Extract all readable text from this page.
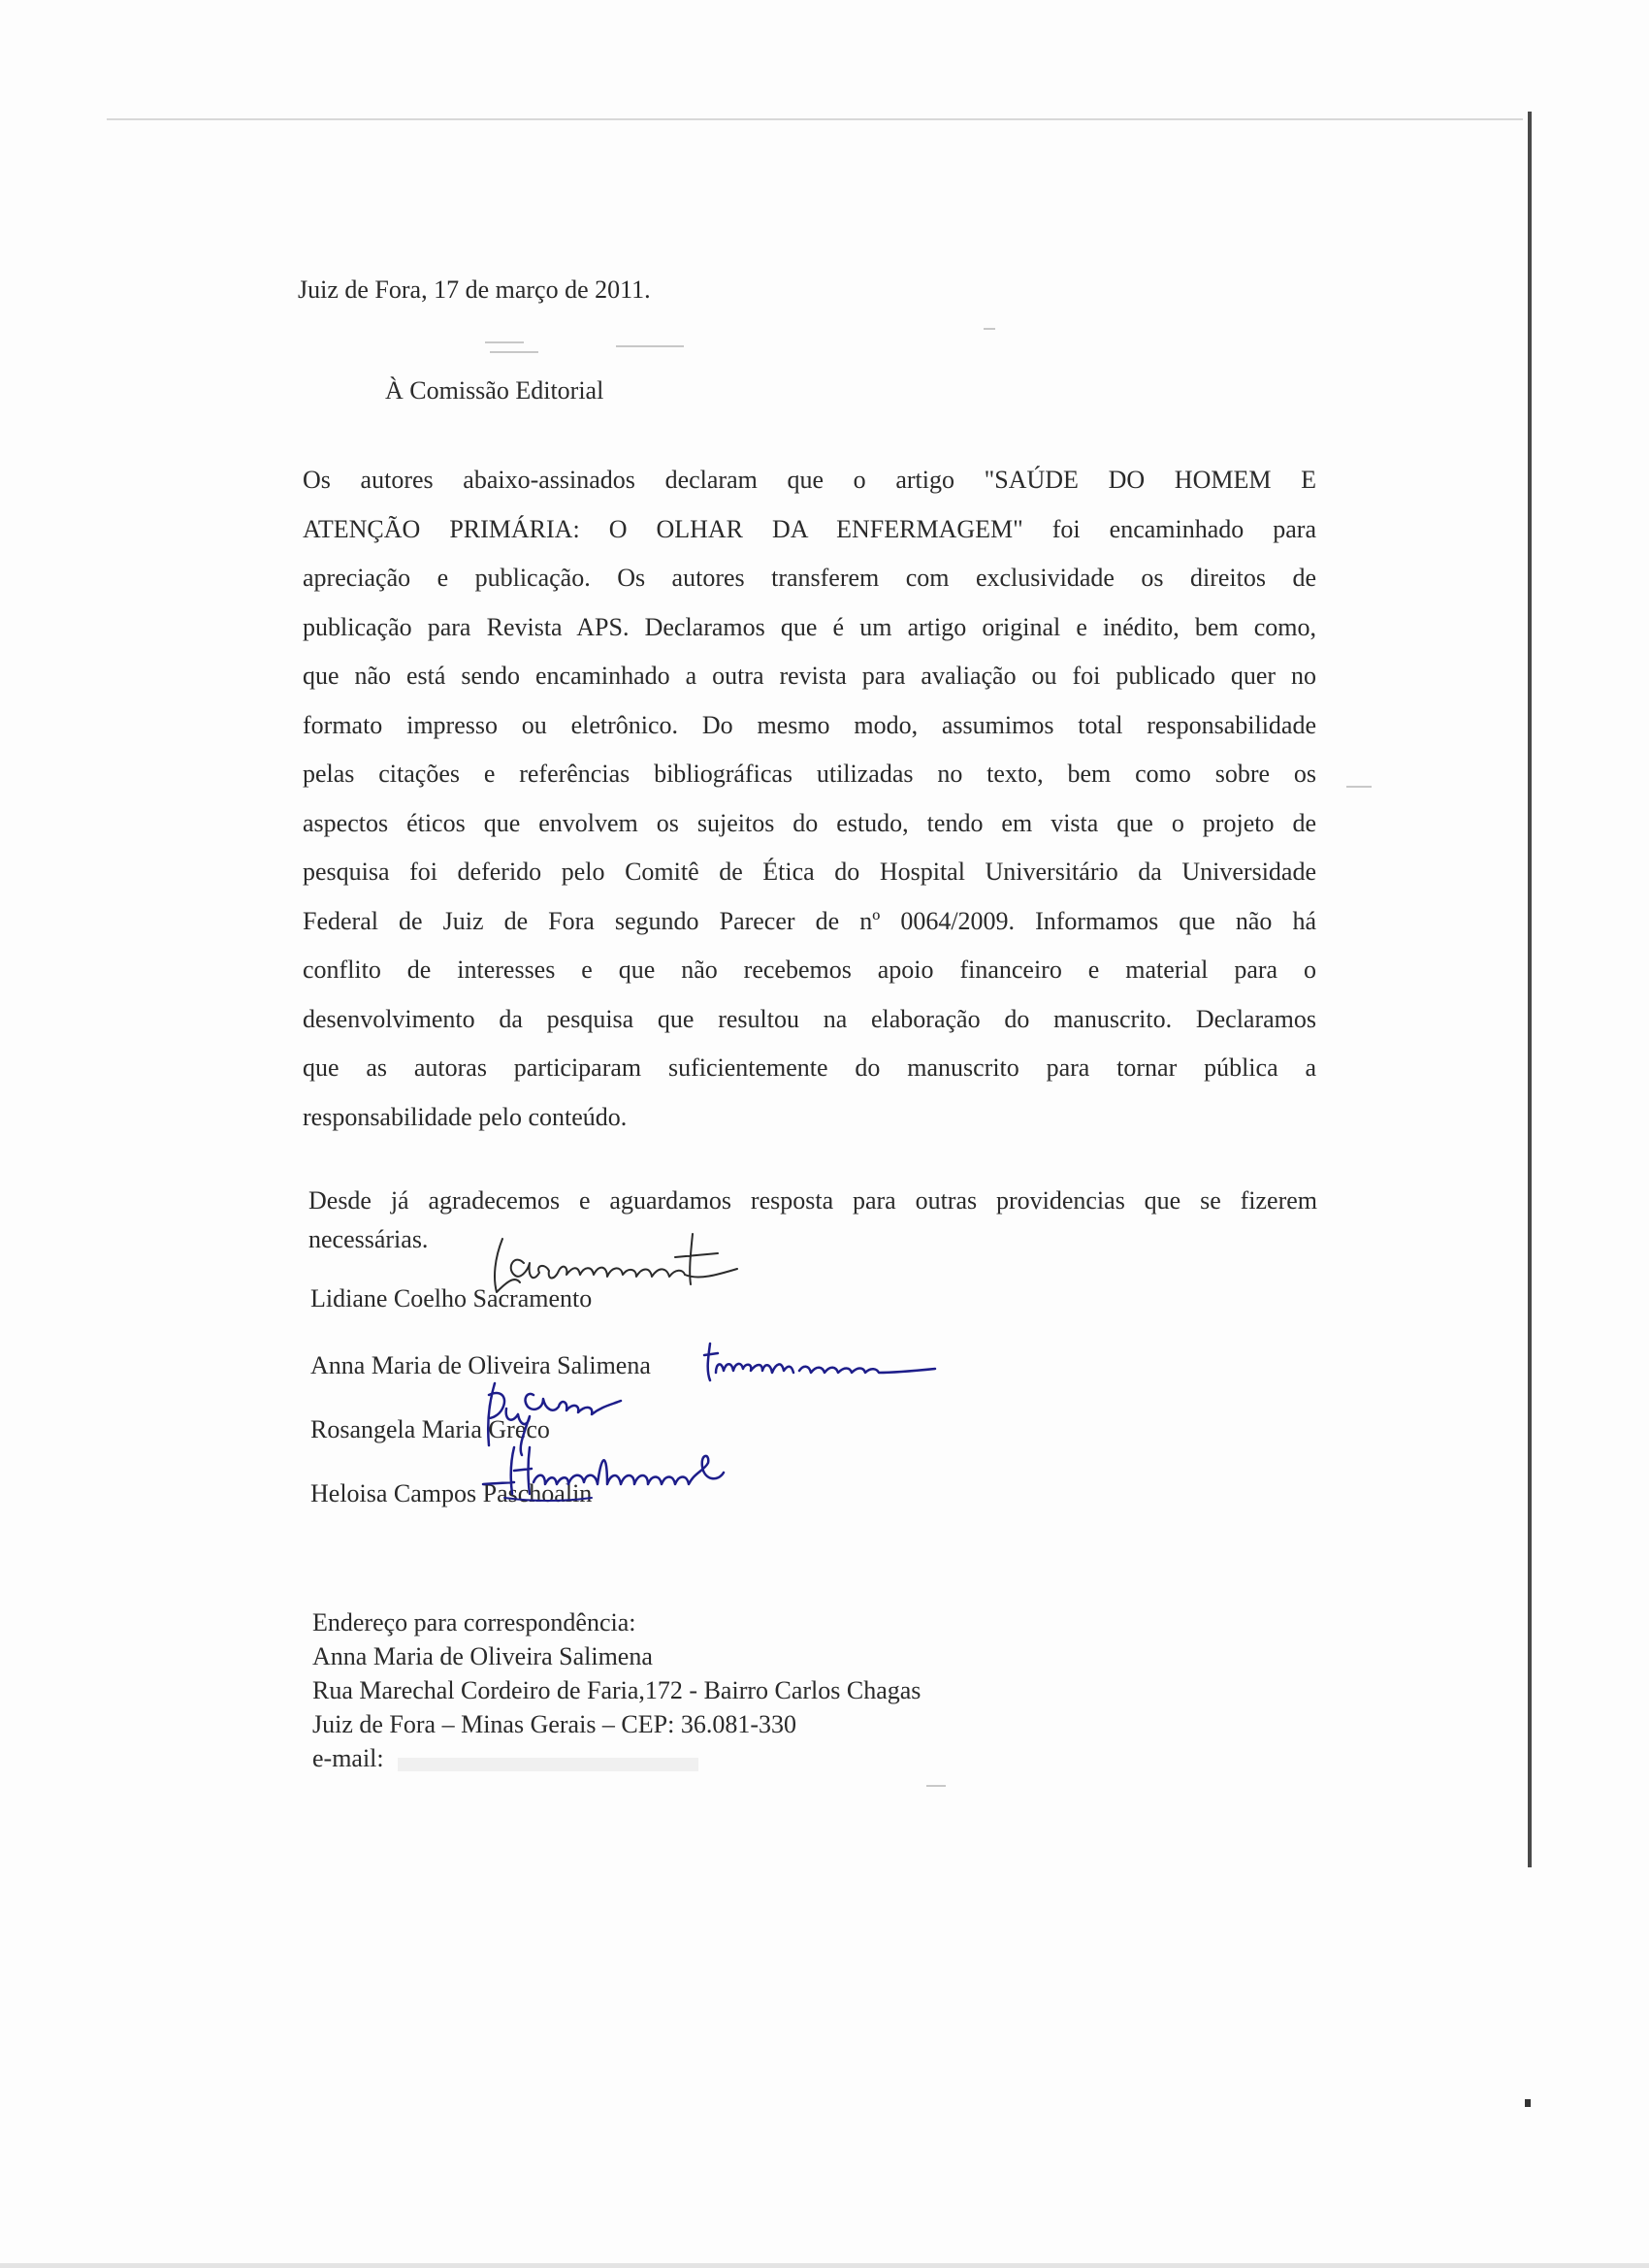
Juiz de Fora, 17 de março de 2011.
À Comissão Editorial
Os autores abaixo-assinados declaram que o artigo "SAÚDE DO HOMEM E
ATENÇÃO PRIMÁRIA: O OLHAR DA ENFERMAGEM" foi encaminhado para
apreciação e publicação. Os autores transferem com exclusividade os direitos de
publicação para Revista APS. Declaramos que é um artigo original e inédito, bem como,
que não está sendo encaminhado a outra revista para avaliação ou foi publicado quer no
formato impresso ou eletrônico. Do mesmo modo, assumimos total responsabilidade
pelas citações e referências bibliográficas utilizadas no texto, bem como sobre os
aspectos éticos que envolvem os sujeitos do estudo, tendo em vista que o projeto de
pesquisa foi deferido pelo Comitê de Ética do Hospital Universitário da Universidade
Federal de Juiz de Fora segundo Parecer de nº 0064/2009. Informamos que não há
conflito de interesses e que não recebemos apoio financeiro e material para o
desenvolvimento da pesquisa que resultou na elaboração do manuscrito. Declaramos
que as autoras participaram suficientemente do manuscrito para tornar pública a
responsabilidade pelo conteúdo.
Desde já agradecemos e aguardamos resposta para outras providencias que se fizerem
necessárias.
Lidiane Coelho Sacramento
Anna Maria de Oliveira Salimena
Rosangela Maria Greco
Heloisa Campos Paschoalin
Endereço para correspondência:
Anna Maria de Oliveira Salimena
Rua Marechal Cordeiro de Faria,172 - Bairro Carlos Chagas
Juiz de Fora – Minas Gerais – CEP: 36.081-330
e-mail:
